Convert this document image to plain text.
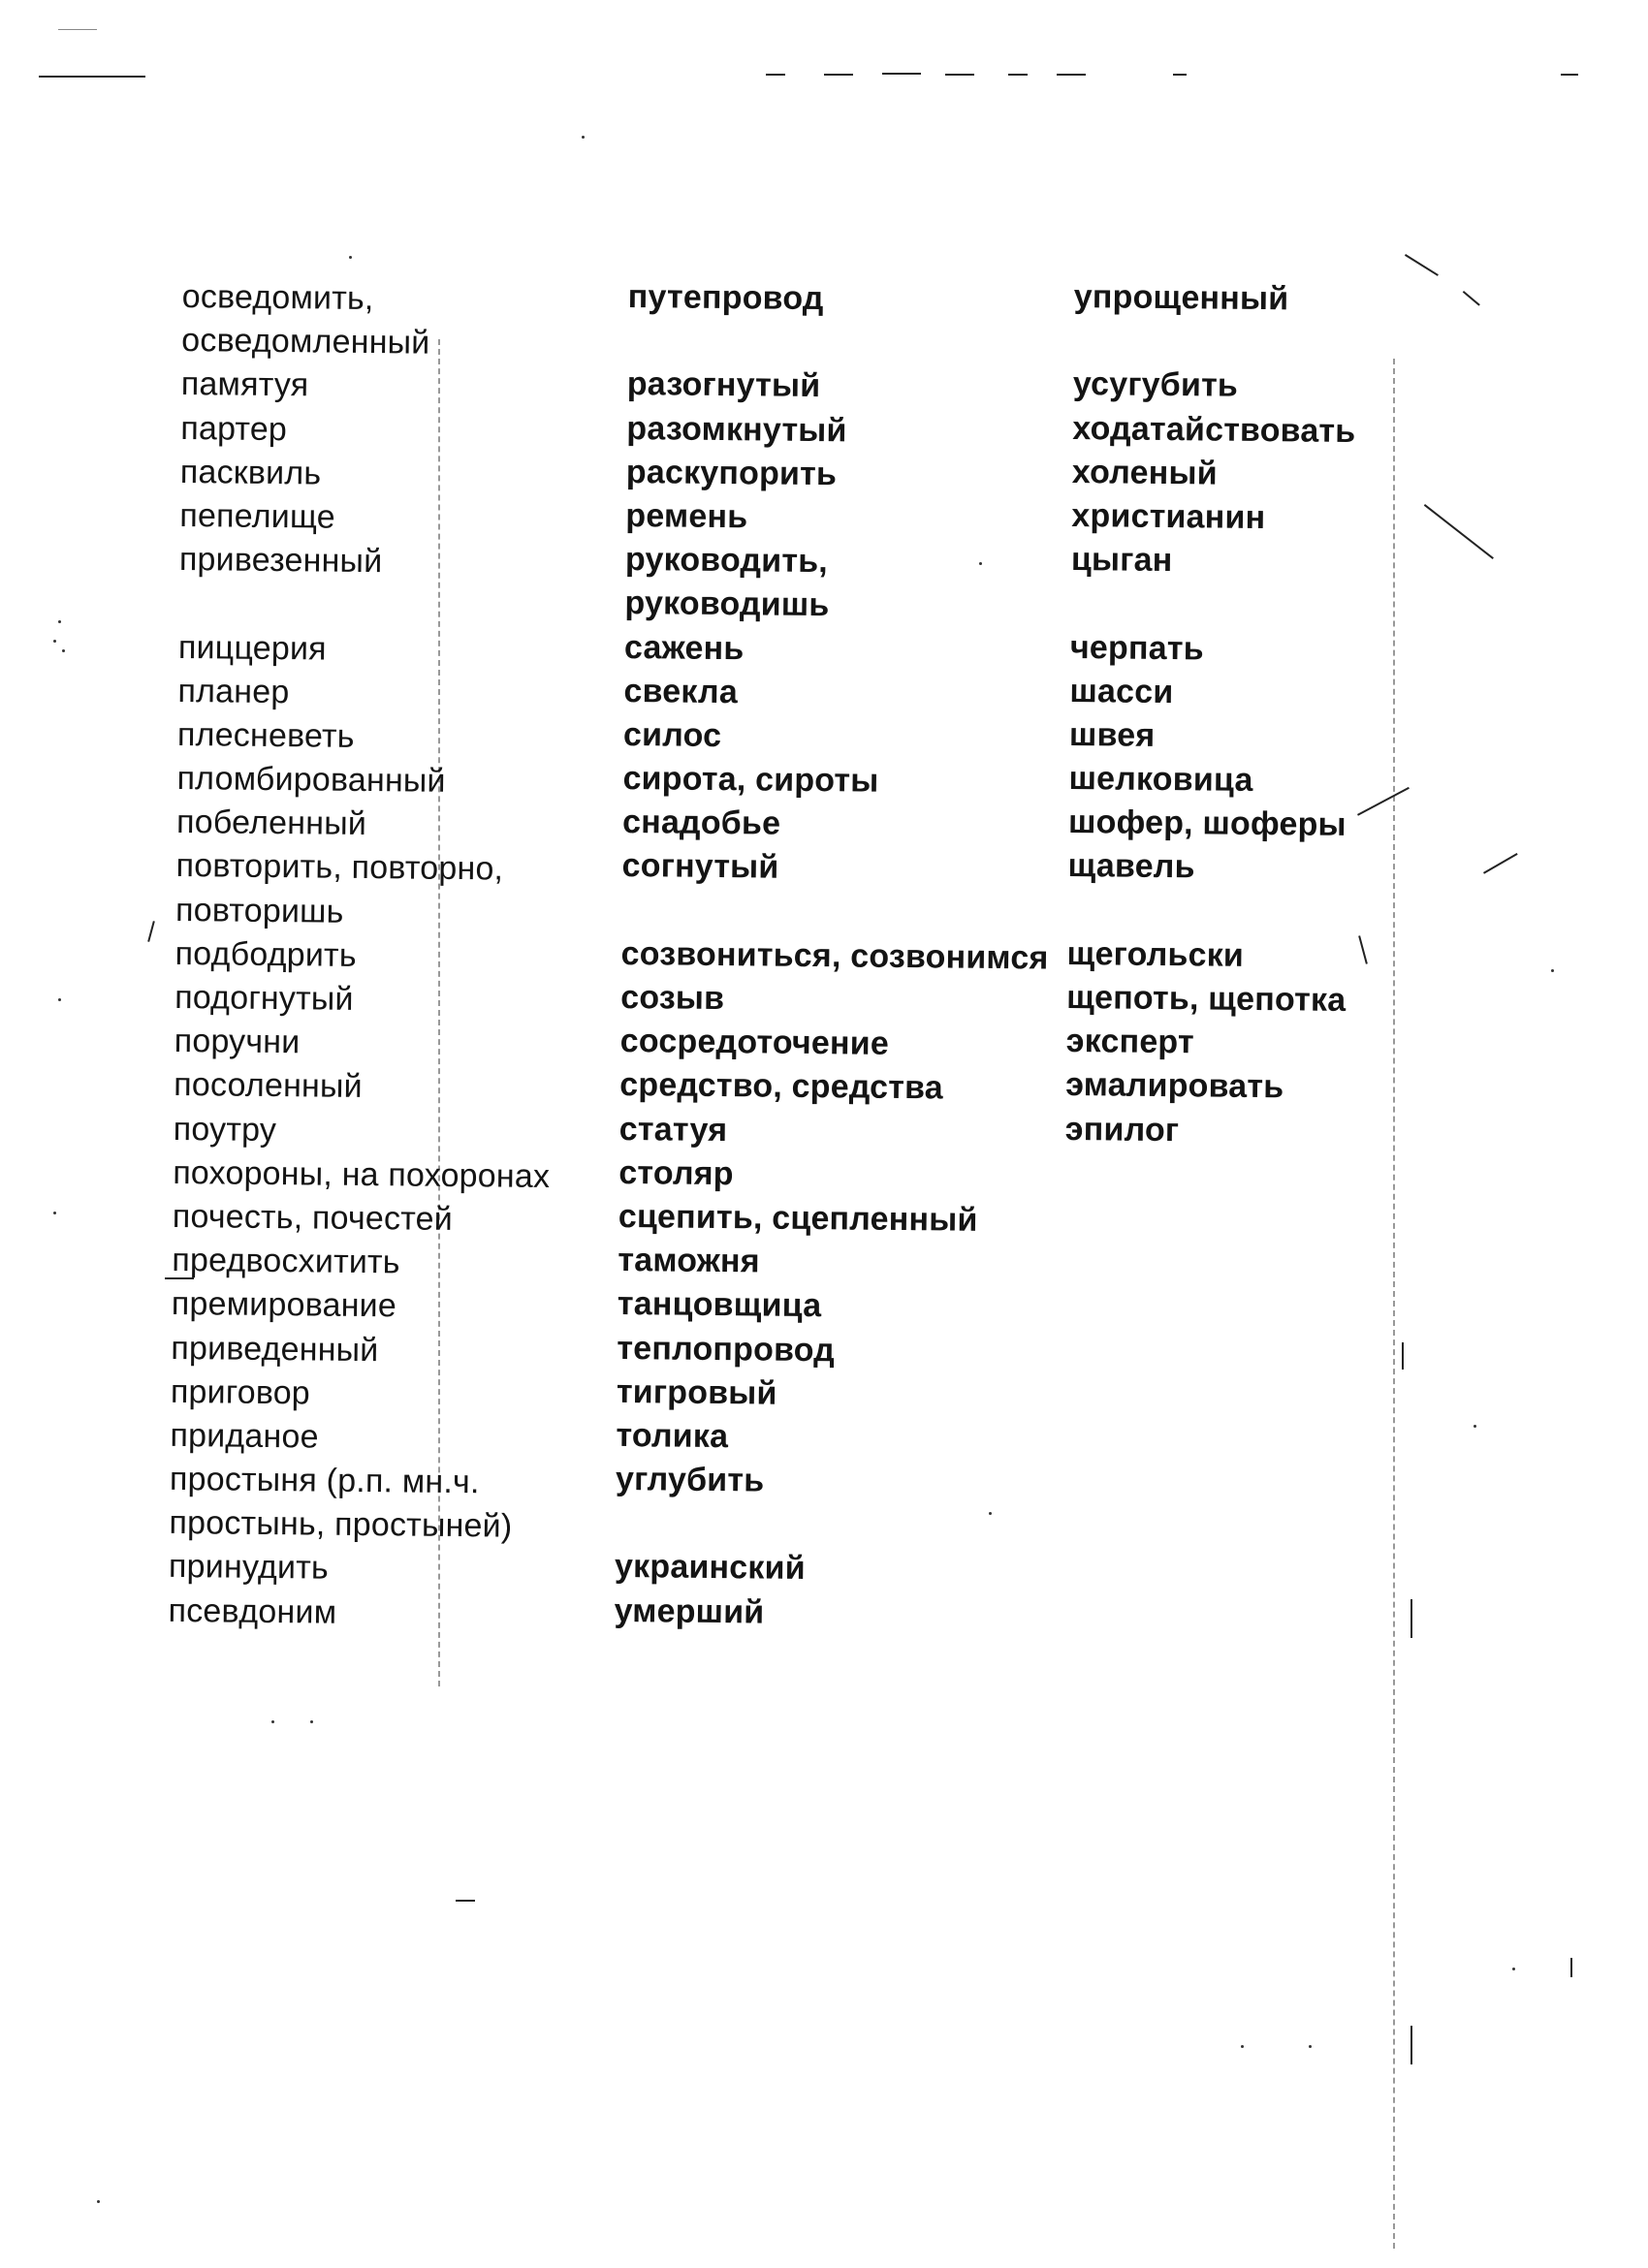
осведомить,
осведомленный
памятуя
партер
пасквиль
пепелище
привезенный
пиццерия
планер
плесневеть
пломбированный
побеленный
повторить, повторно,
повторишь
подбодрить
подогнутый
поручни
посоленный
поутру
похороны, на похоронах
почесть, почестей
предвосхитить
премирование
приведенный
приговор
приданое
простыня (р.п. мн.ч.
простынь, простыней)
принудить
псевдоним
путепровод
разогнутый
разомкнутый
раскупорить
ремень
руководить,
руководишь
сажень
свекла
силос
сирота, сироты
снадобье
согнутый
созвониться, созвонимся
созыв
сосредоточение
средство, средства
статуя
столяр
сцепить, сцепленный
таможня
танцовщица
теплопровод
тигровый
толика
углубить
украинский
умерший
упрощенный
усугубить
ходатайствовать
холеный
христианин
цыган
черпать
шасси
швея
шелковица
шофер, шоферы
щавель
щегольски
щепоть, щепотка
эксперт
эмалировать
эпилог
